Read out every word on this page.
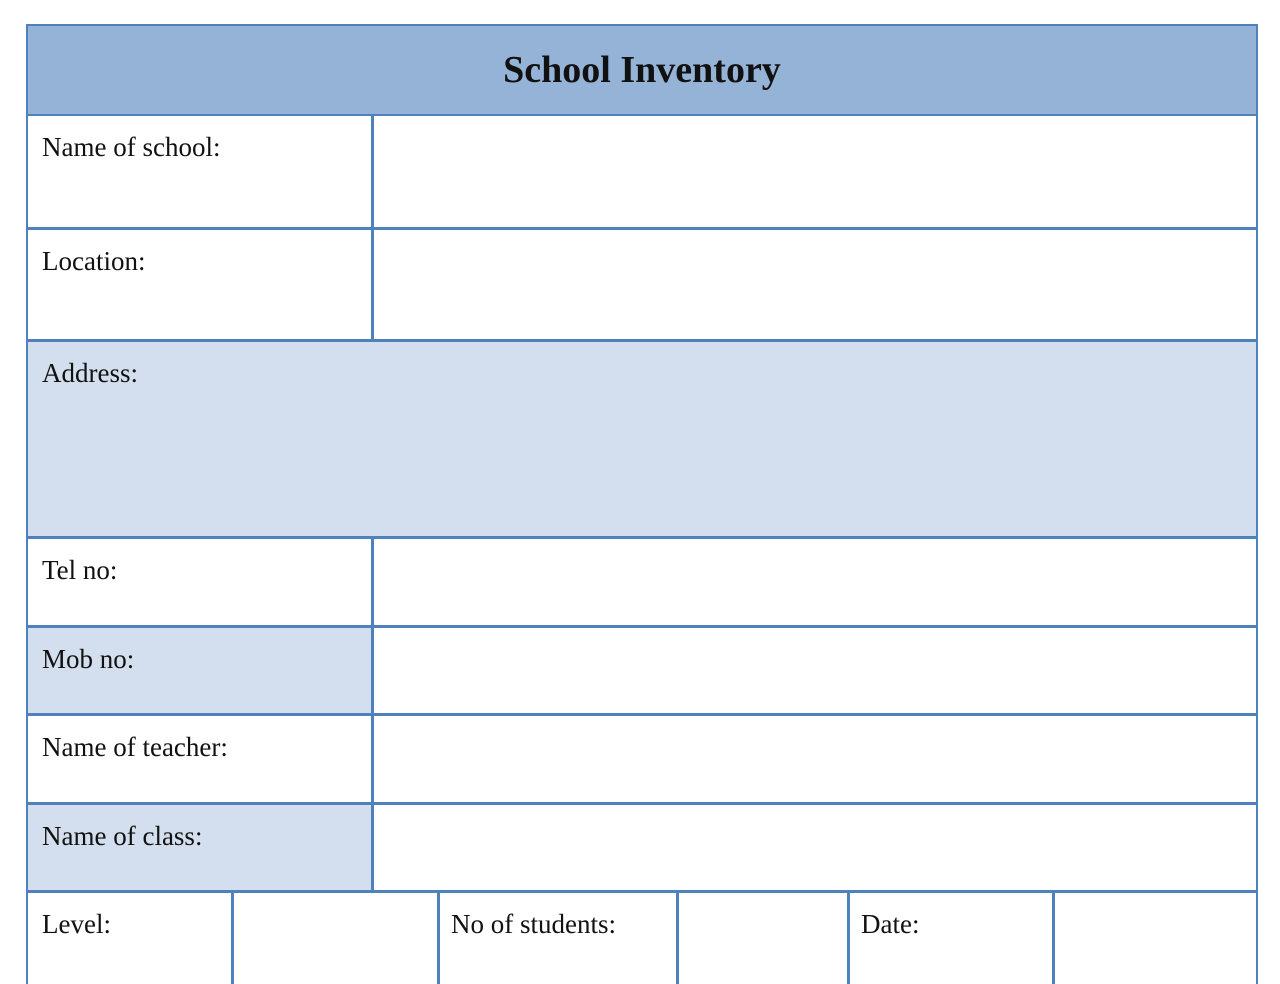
School Inventory
Name of school:
Location:
Address:
Tel no:
Mob no:
Name of teacher:
Name of class:
Level:	No of students:	Date:
